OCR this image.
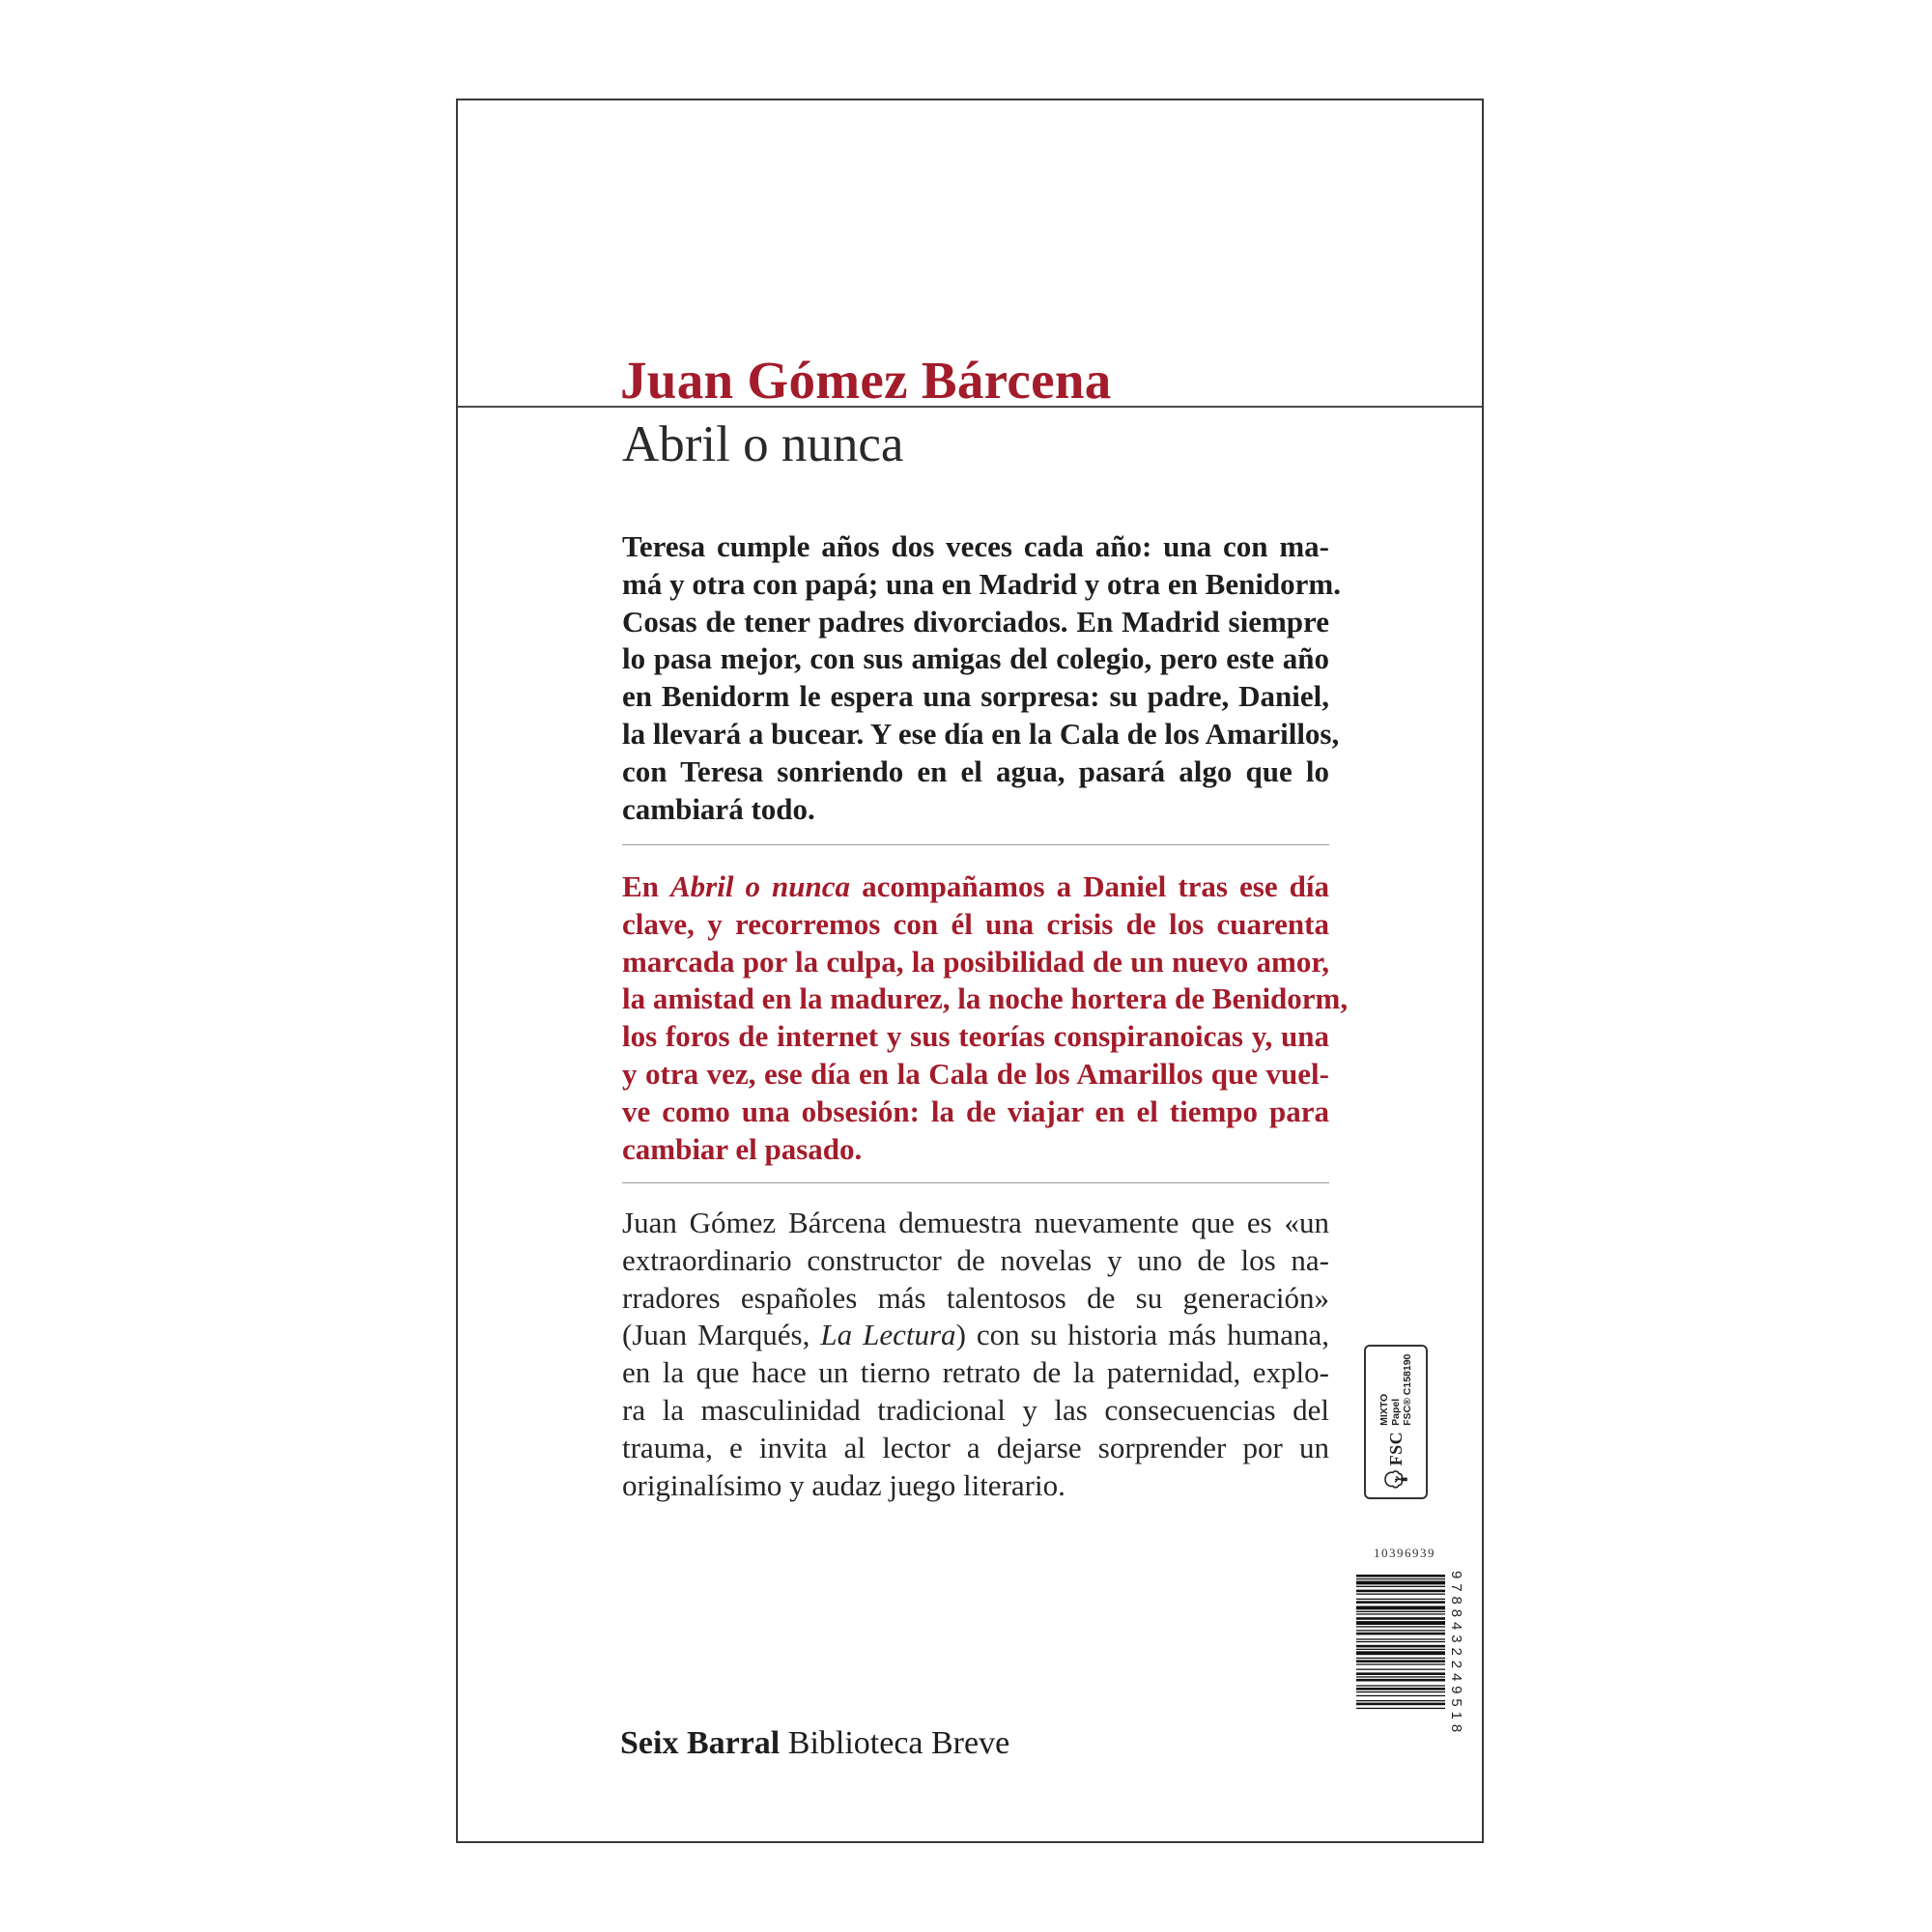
Juan Gómez Bárcena
Abril o nunca
Teresa cumple años dos veces cada año: una con ma-
má y otra con papá; una en Madrid y otra en Benidorm.
Cosas de tener padres divorciados. En Madrid siempre
lo pasa mejor, con sus amigas del colegio, pero este año
en Benidorm le espera una sorpresa: su padre, Daniel,
la llevará a bucear. Y ese día en la Cala de los Amarillos,
con Teresa sonriendo en el agua, pasará algo que lo
cambiará todo.
En Abril o nunca acompañamos a Daniel tras ese día
clave, y recorremos con él una crisis de los cuarenta
marcada por la culpa, la posibilidad de un nuevo amor,
la amistad en la madurez, la noche hortera de Benidorm,
los foros de internet y sus teorías conspiranoicas y, una
y otra vez, ese día en la Cala de los Amarillos que vuel-
ve como una obsesión: la de viajar en el tiempo para
cambiar el pasado.
Juan Gómez Bárcena demuestra nuevamente que es «un
extraordinario constructor de novelas y uno de los na-
rradores españoles más talentosos de su generación»
(Juan Marqués, La Lectura) con su historia más humana,
en la que hace un tierno retrato de la paternidad, explo-
ra la masculinidad tradicional y las consecuencias del
trauma, e invita al lector a dejarse sorprender por un
originalísimo y audaz juego literario.
FSC
MIXTO Papel FSC® C158190
10396939
9788432249518
Seix Barral Biblioteca Breve
